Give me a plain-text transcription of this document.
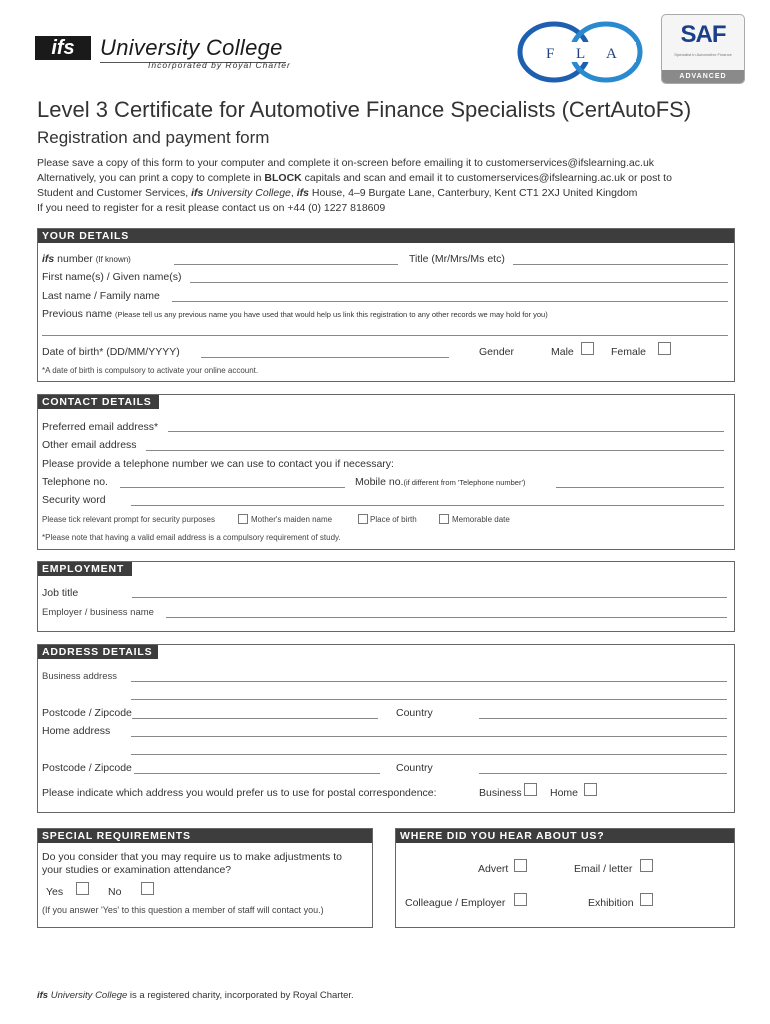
ifs	University College
Incorporated by Royal Charter
F L A
SAF
Specialist in Automotive Finance
ADVANCED
Level 3 Certificate for Automotive Finance Specialists (CertAutoFS)
Registration and payment form

Please save a copy of this form to your computer and complete it on-screen before emailing it to customerservices@ifslearning.ac.uk

Alternatively, you can print a copy to complete in BLOCK capitals and scan and email it to customerservices@ifslearning.ac.uk or post to

Student and Customer Services, ifs University College, ifs House, 4–9 Burgate Lane, Canterbury, Kent CT1 2XJ United Kingdom

If you need to register for a resit please contact us on +44 (0) 1227 818609

YOUR DETAILS
ifs number (If known)	Title (Mr/Mrs/Ms etc)
First name(s) / Given name(s)
Last name / Family name
Previous name (Please tell us any previous name you have used that would help us link this registration to any other records we may hold for you)
Date of birth* (DD/MM/YYYY)	Gender	Male	Female
*A date of birth is compulsory to activate your online account.
CONTACT DETAILS
Preferred email address*
Other email address
Please provide a telephone number we can use to contact you if necessary:
Telephone no.	Mobile no.(if different from 'Telephone number')
Security word
Please tick relevant prompt for security purposes	Mother's maiden name	Place of birth	Memorable date
*Please note that having a valid email address is a compulsory requirement of study.
EMPLOYMENT
Job title
Employer / business name
ADDRESS DETAILS
Business address
Postcode / Zipcode	Country
Home address
Postcode / Zipcode	Country
Please indicate which address you would prefer us to use for postal correspondence:	Business	Home
SPECIAL REQUIREMENTS
Do you consider that you may require us to make adjustments to
your studies or examination attendance?
Yes	No
(If you answer 'Yes' to this question a member of staff will contact you.)
WHERE DID YOU HEAR ABOUT US?
Advert	Email / letter
Colleague / Employer	Exhibition
ifs University College is a registered charity, incorporated by Royal Charter.
